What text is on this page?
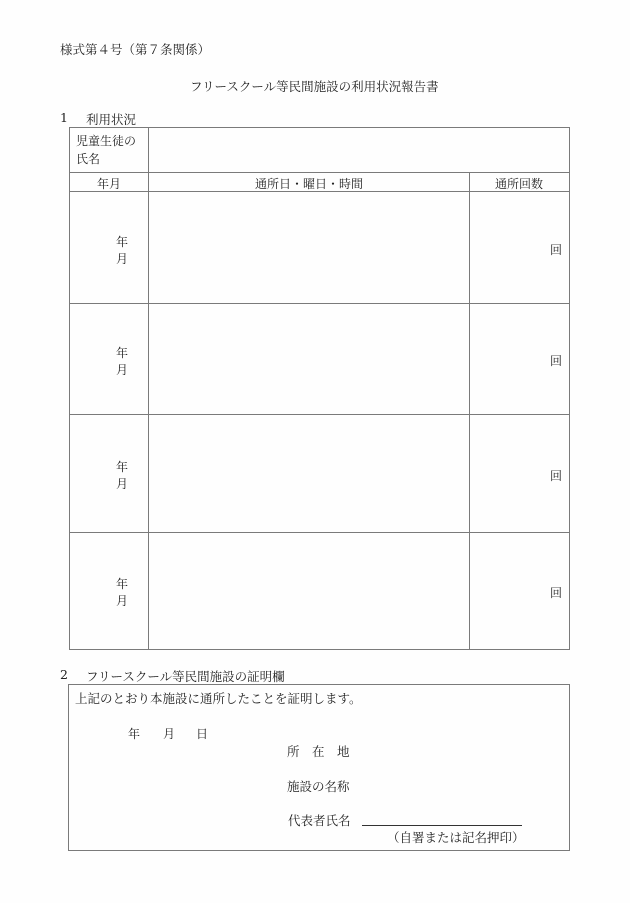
様式第４号（第７条関係）
フリースクール等民間施設の利用状況報告書
1 利用状況
児童生徒の
氏名
年月	通所日・曜日・時間	通所回数
年
月
回
年
月
回
年
月
回
年
月
回
2 フリースクール等民間施設の証明欄
上記のとおり本施設に通所したことを証明します。
年 月 日
所　在　地
施設の名称
代表者氏名
（自署または記名押印）
